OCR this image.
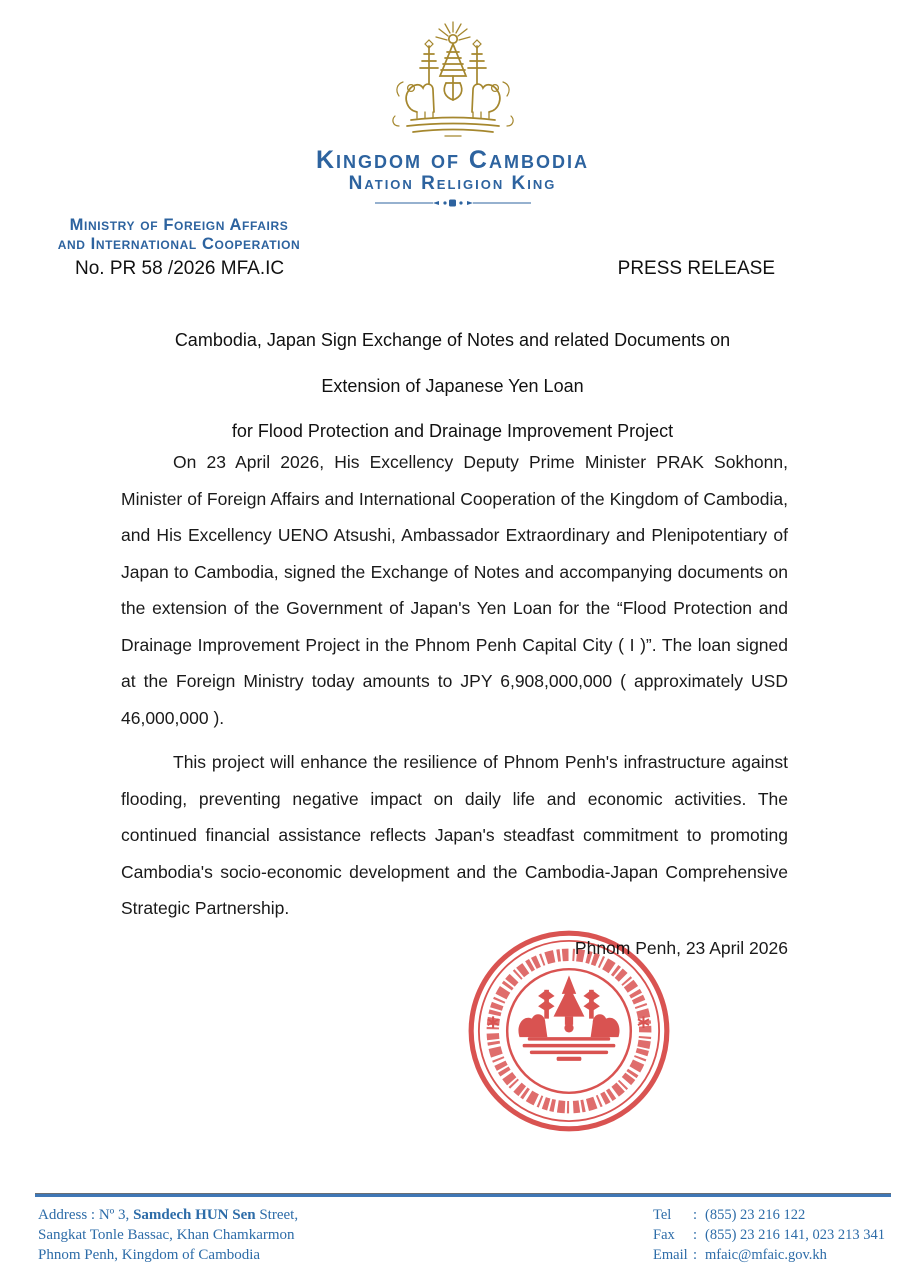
Kingdom of Cambodia
Nation Religion King
Ministry of Foreign Affairs
and International Cooperation
No. PR 58 /2026 MFA.IC	PRESS RELEASE
Cambodia, Japan Sign Exchange of Notes and related Documents on
Extension of Japanese Yen Loan
for Flood Protection and Drainage Improvement Project
On 23 April 2026, His Excellency Deputy Prime Minister PRAK Sokhonn, Minister of Foreign Affairs and International Cooperation of the Kingdom of Cambodia, and His Excellency UENO Atsushi, Ambassador Extraordinary and Plenipotentiary of Japan to Cambodia, signed the Exchange of Notes and accompanying documents on the extension of the Government of Japan's Yen Loan for the “Flood Protection and Drainage Improvement Project in the Phnom Penh Capital City ( I )”. The loan signed at the Foreign Ministry today amounts to JPY 6,908,000,000 ( approximately USD 46,000,000 ).
This project will enhance the resilience of Phnom Penh's infrastructure against flooding, preventing negative impact on daily life and economic activities. The continued financial assistance reflects Japan's steadfast commitment to promoting Cambodia's socio-economic development and the Cambodia-Japan Comprehensive Strategic Partnership.
Phnom Penh, 23 April 2026
*	*
Address : Nº 3, Samdech HUN Sen Street,
Sangkat Tonle Bassac, Khan Chamkarmon
Phnom Penh, Kingdom of Cambodia
Tel	: (855) 23 216 122
Fax	: (855) 23 216 141, 023 213 341
Email : mfaic@mfaic.gov.kh
